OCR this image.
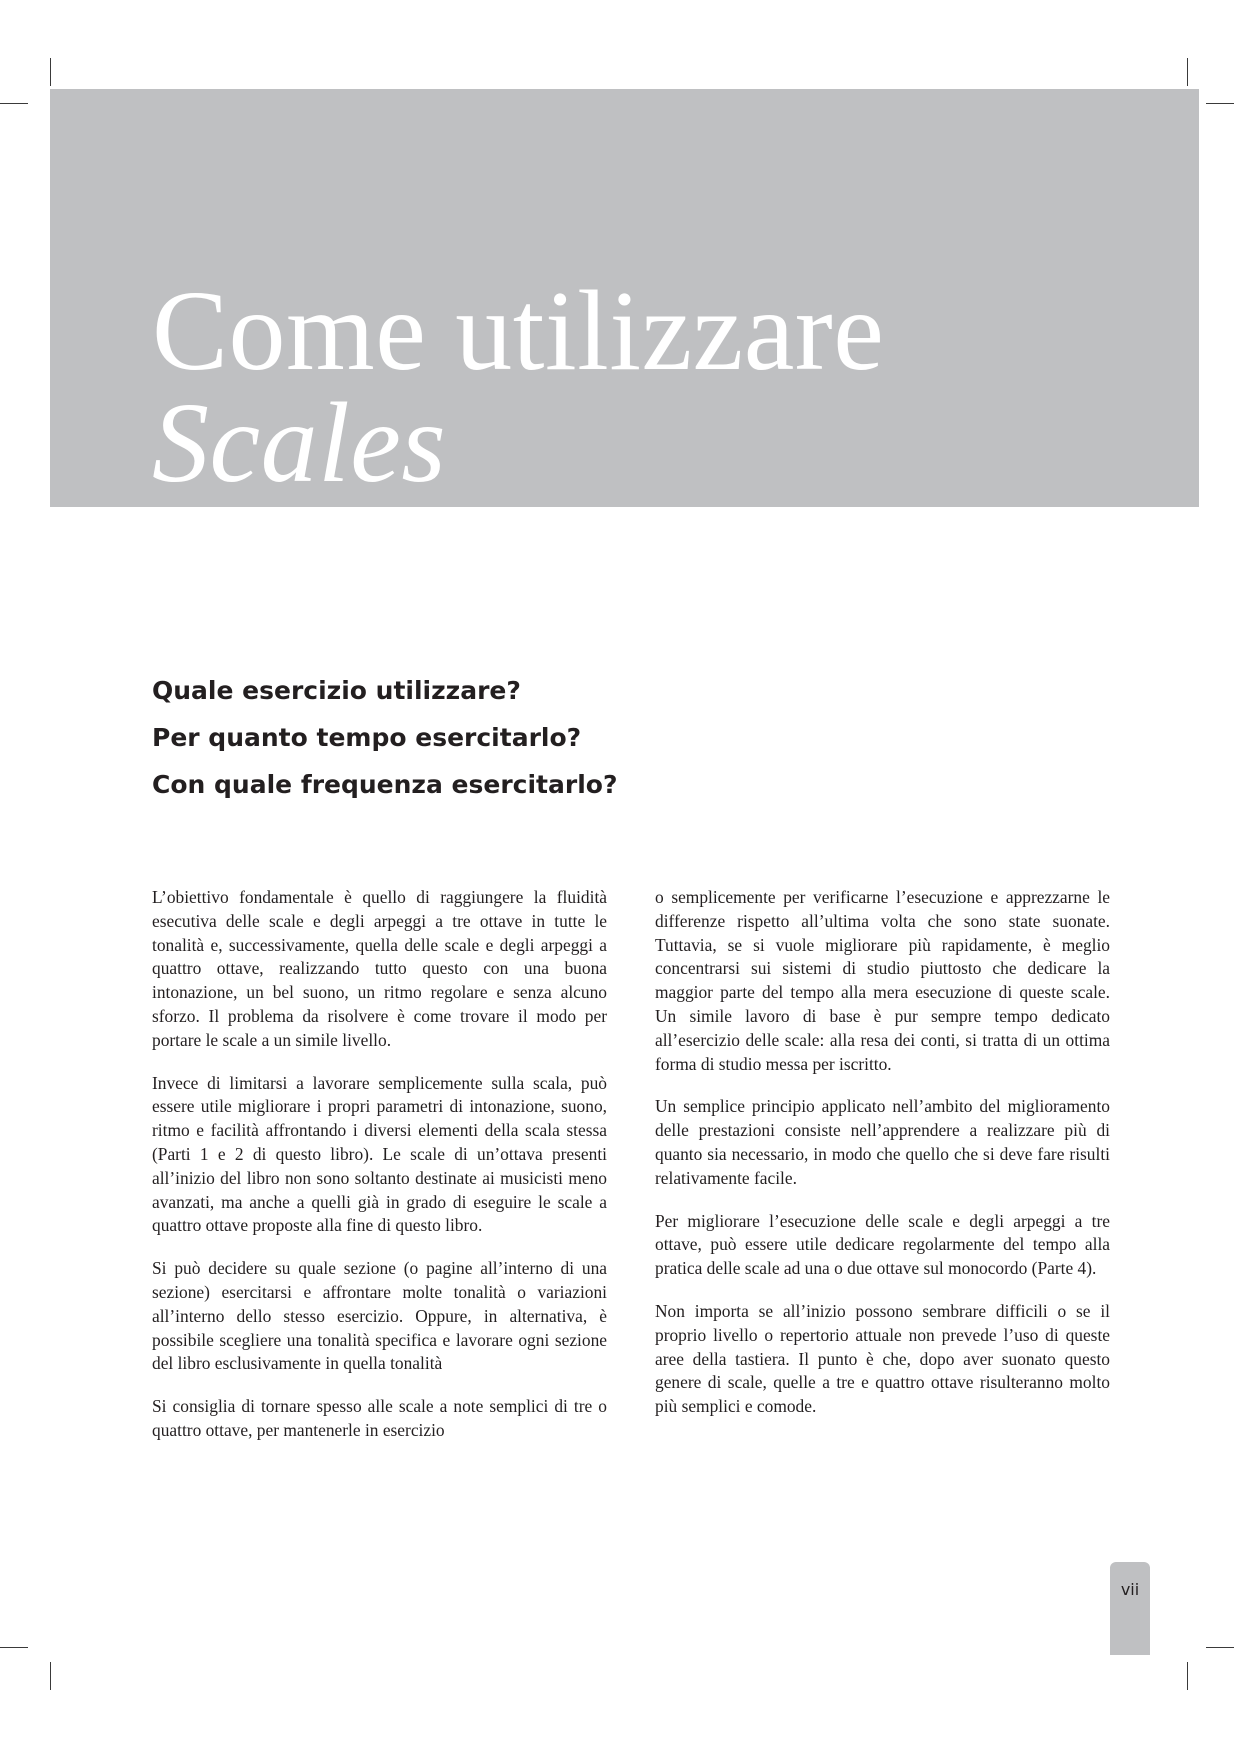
Come utilizzare
Scales
Quale esercizio utilizzare?
Per quanto tempo esercitarlo?
Con quale frequenza esercitarlo?

L’obiettivo fondamentale è quello di raggiungere la fluidità esecutiva delle scale e degli arpeggi a tre ottave in tutte le tonalità e, successivamente, quella delle scale e degli arpeggi a quattro ottave, realizzando tutto questo con una buona intonazione, un bel suono, un ritmo regolare e senza alcuno sforzo. Il problema da risolvere è come trovare il modo per portare le scale a un simile livello.

Invece di limitarsi a lavorare semplicemente sulla scala, può essere utile migliorare i propri parametri di intonazione, suono, ritmo e facilità affrontando i diversi elementi della scala stessa (Parti 1 e 2 di questo libro). Le scale di un’ottava presenti all’inizio del libro non sono soltanto destinate ai musicisti meno avanzati, ma anche a quelli già in grado di eseguire le scale a quattro ottave proposte alla fine di questo libro.

Si può decidere su quale sezione (o pagine all’interno di una sezione) esercitarsi e affrontare molte tonalità o variazioni all’interno dello stesso esercizio. Oppure, in alternativa, è possibile scegliere una tonalità specifica e lavorare ogni sezione del libro esclusivamente in quella tonalità

Si consiglia di tornare spesso alle scale a note semplici di tre o quattro ottave, per mantenerle in esercizio

o semplicemente per verificarne l’esecuzione e apprezzarne le differenze rispetto all’ultima volta che sono state suonate. Tuttavia, se si vuole migliorare più rapidamente, è meglio concentrarsi sui sistemi di studio piuttosto che dedicare la maggior parte del tempo alla mera esecuzione di queste scale. Un simile lavoro di base è pur sempre tempo dedicato all’esercizio delle scale: alla resa dei conti, si tratta di un ottima forma di studio messa per iscritto.

Un semplice principio applicato nell’ambito del miglioramento delle prestazioni consiste nell’apprendere a realizzare più di quanto sia necessario, in modo che quello che si deve fare risulti relativamente facile.

Per migliorare l’esecuzione delle scale e degli arpeggi a tre ottave, può essere utile dedicare regolarmente del tempo alla pratica delle scale ad una o due ottave sul monocordo (Parte 4).

Non importa se all’inizio possono sembrare difficili o se il proprio livello o repertorio attuale non prevede l’uso di queste aree della tastiera. Il punto è che, dopo aver suonato questo genere di scale, quelle a tre e quattro ottave risulteranno molto più semplici e comode.

vii
